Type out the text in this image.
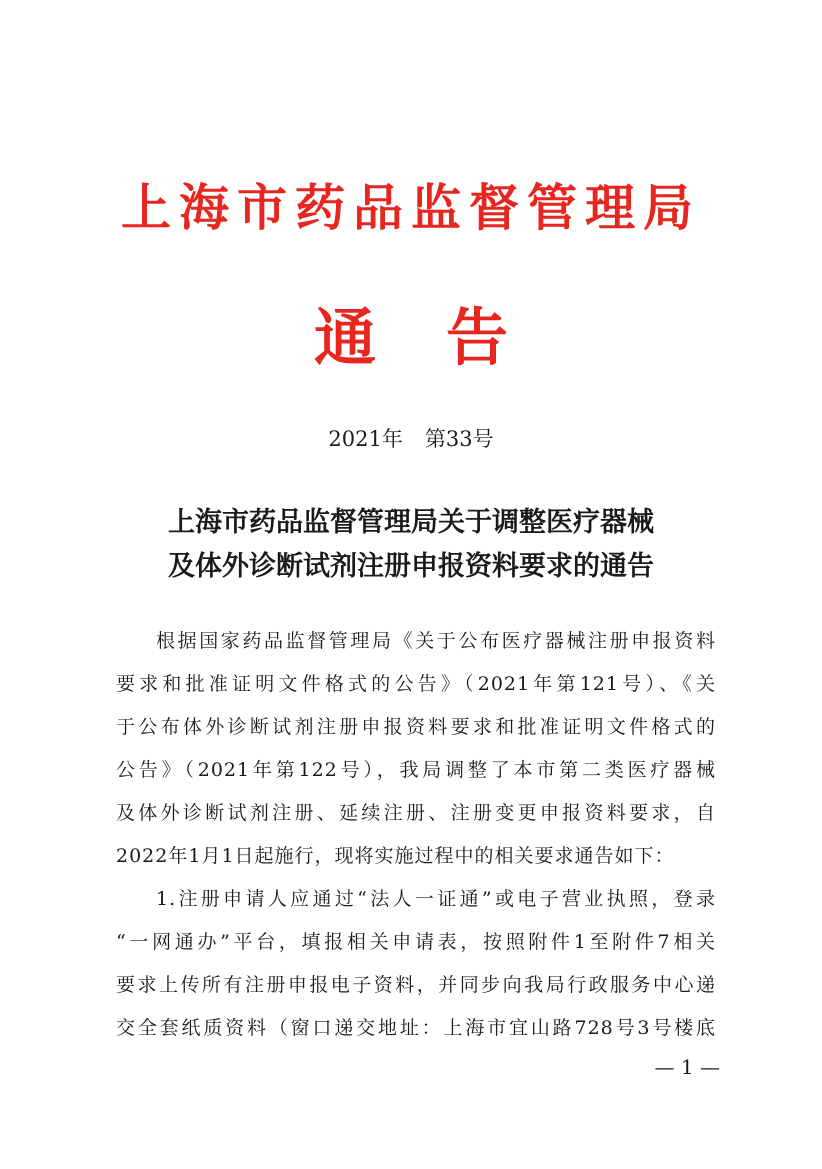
上海市药品监督管理局
通 告
2021年 第33号
上海市药品监督管理局关于调整医疗器械
及体外诊断试剂注册申报资料要求的通告
根据国家药品监督管理局《关于公布医疗器械注册申报资料
要求和批准证明文件格式的公告》（2021年第121号）、《关
于公布体外诊断试剂注册申报资料要求和批准证明文件格式的
公告》（2021年第122号），我局调整了本市第二类医疗器械
及体外诊断试剂注册、延续注册、注册变更申报资料要求，自
2022年1月1日起施行，现将实施过程中的相关要求通告如下：
1.注册申请人应通过“法人一证通”或电子营业执照，登录
“一网通办”平台，填报相关申请表，按照附件1至附件7相关
要求上传所有注册申报电子资料，并同步向我局行政服务中心递
交全套纸质资料（窗口递交地址：上海市宜山路728号3号楼底
— 1 —
